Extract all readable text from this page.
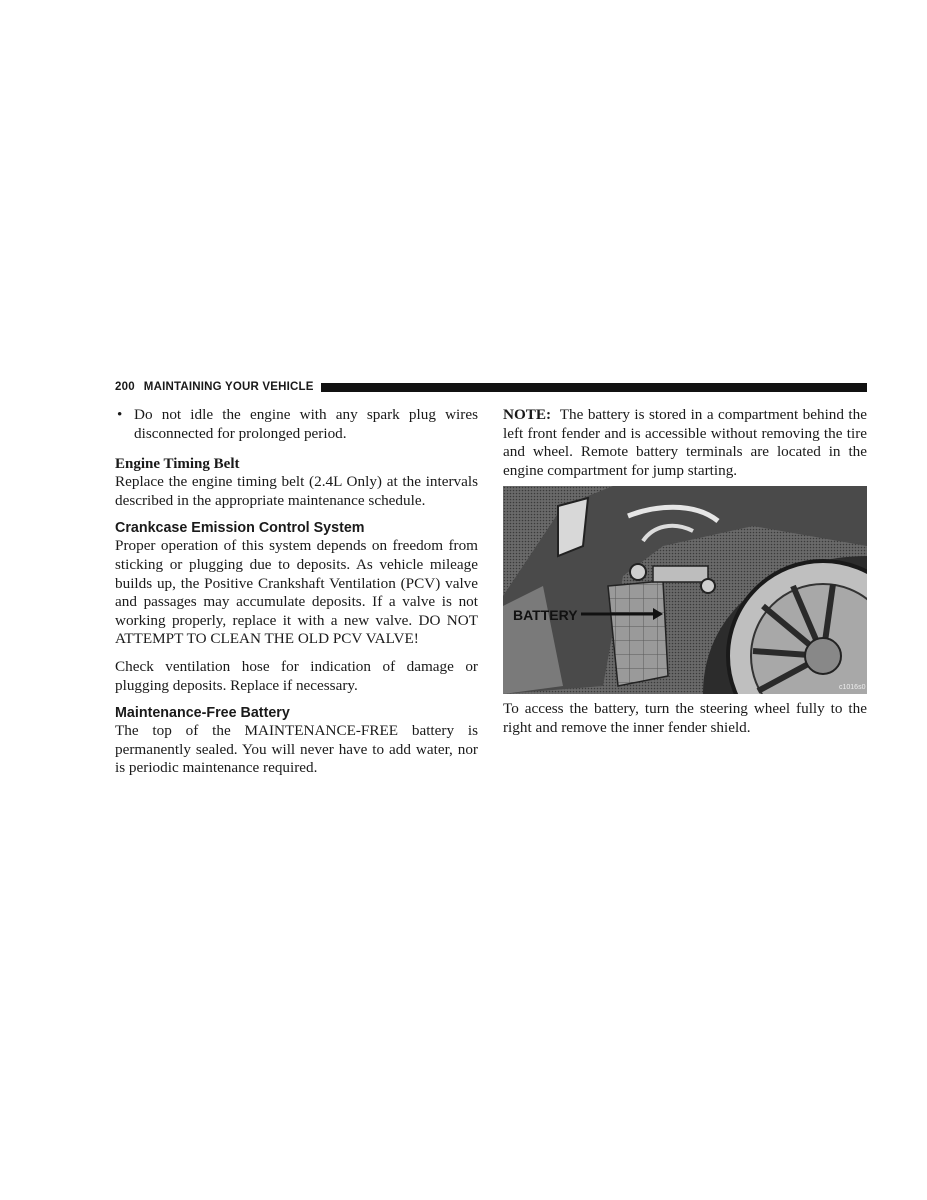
200 MAINTAINING YOUR VEHICLE
• Do not idle the engine with any spark plug wires disconnected for prolonged period.
Engine Timing Belt

Replace the engine timing belt (2.4L Only) at the intervals described in the appropriate maintenance schedule.

Crankcase Emission Control System

Proper operation of this system depends on freedom from sticking or plugging due to deposits. As vehicle mileage builds up, the Positive Crankshaft Ventilation (PCV) valve and passages may accumulate deposits. If a valve is not working properly, replace it with a new valve. DO NOT ATTEMPT TO CLEAN THE OLD PCV VALVE!

Check ventilation hose for indication of damage or plugging deposits. Replace if necessary.

Maintenance-Free Battery

The top of the MAINTENANCE-FREE battery is permanently sealed. You will never have to add water, nor is periodic maintenance required.

NOTE: The battery is stored in a compartment behind the left front fender and is accessible without removing the tire and wheel. Remote battery terminals are located in the engine compartment for jump starting.

BATTERY
c1016s0

To access the battery, turn the steering wheel fully to the right and remove the inner fender shield.
